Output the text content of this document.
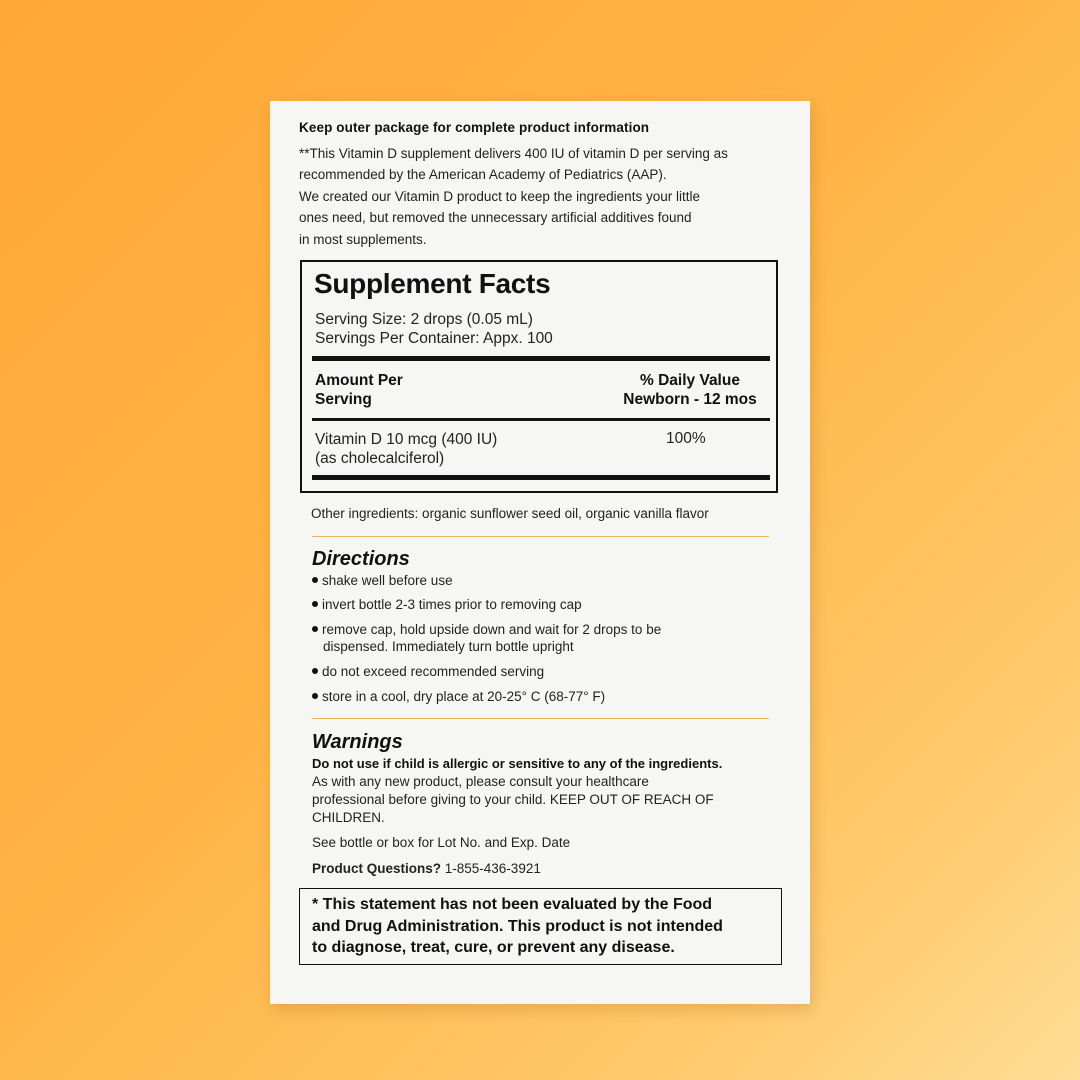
Keep outer package for complete product information
**This Vitamin D supplement delivers 400 IU of vitamin D per serving as
recommended by the American Academy of Pediatrics (AAP).
We created our Vitamin D product to keep the ingredients your little
ones need, but removed the unnecessary artificial additives found
in most supplements.
Supplement Facts
Serving Size: 2 drops (0.05 mL)
Servings Per Container: Appx. 100
Amount Per
Serving
% Daily Value
Newborn - 12 mos
Vitamin D 10 mcg (400 IU)
(as cholecalciferol)
100%
Other ingredients: organic sunflower seed oil, organic vanilla flavor
Directions
shake well before use
invert bottle 2-3 times prior to removing cap
remove cap, hold upside down and wait for 2 drops to be
dispensed. Immediately turn bottle upright
do not exceed recommended serving
store in a cool, dry place at 20-25° C (68-77° F)
Warnings
Do not use if child is allergic or sensitive to any of the ingredients.
As with any new product, please consult your healthcare
professional before giving to your child. KEEP OUT OF REACH OF
CHILDREN.
See bottle or box for Lot No. and Exp. Date
Product Questions? 1-855-436-3921
* This statement has not been evaluated by the Food
and Drug Administration. This product is not intended
to diagnose, treat, cure, or prevent any disease.
